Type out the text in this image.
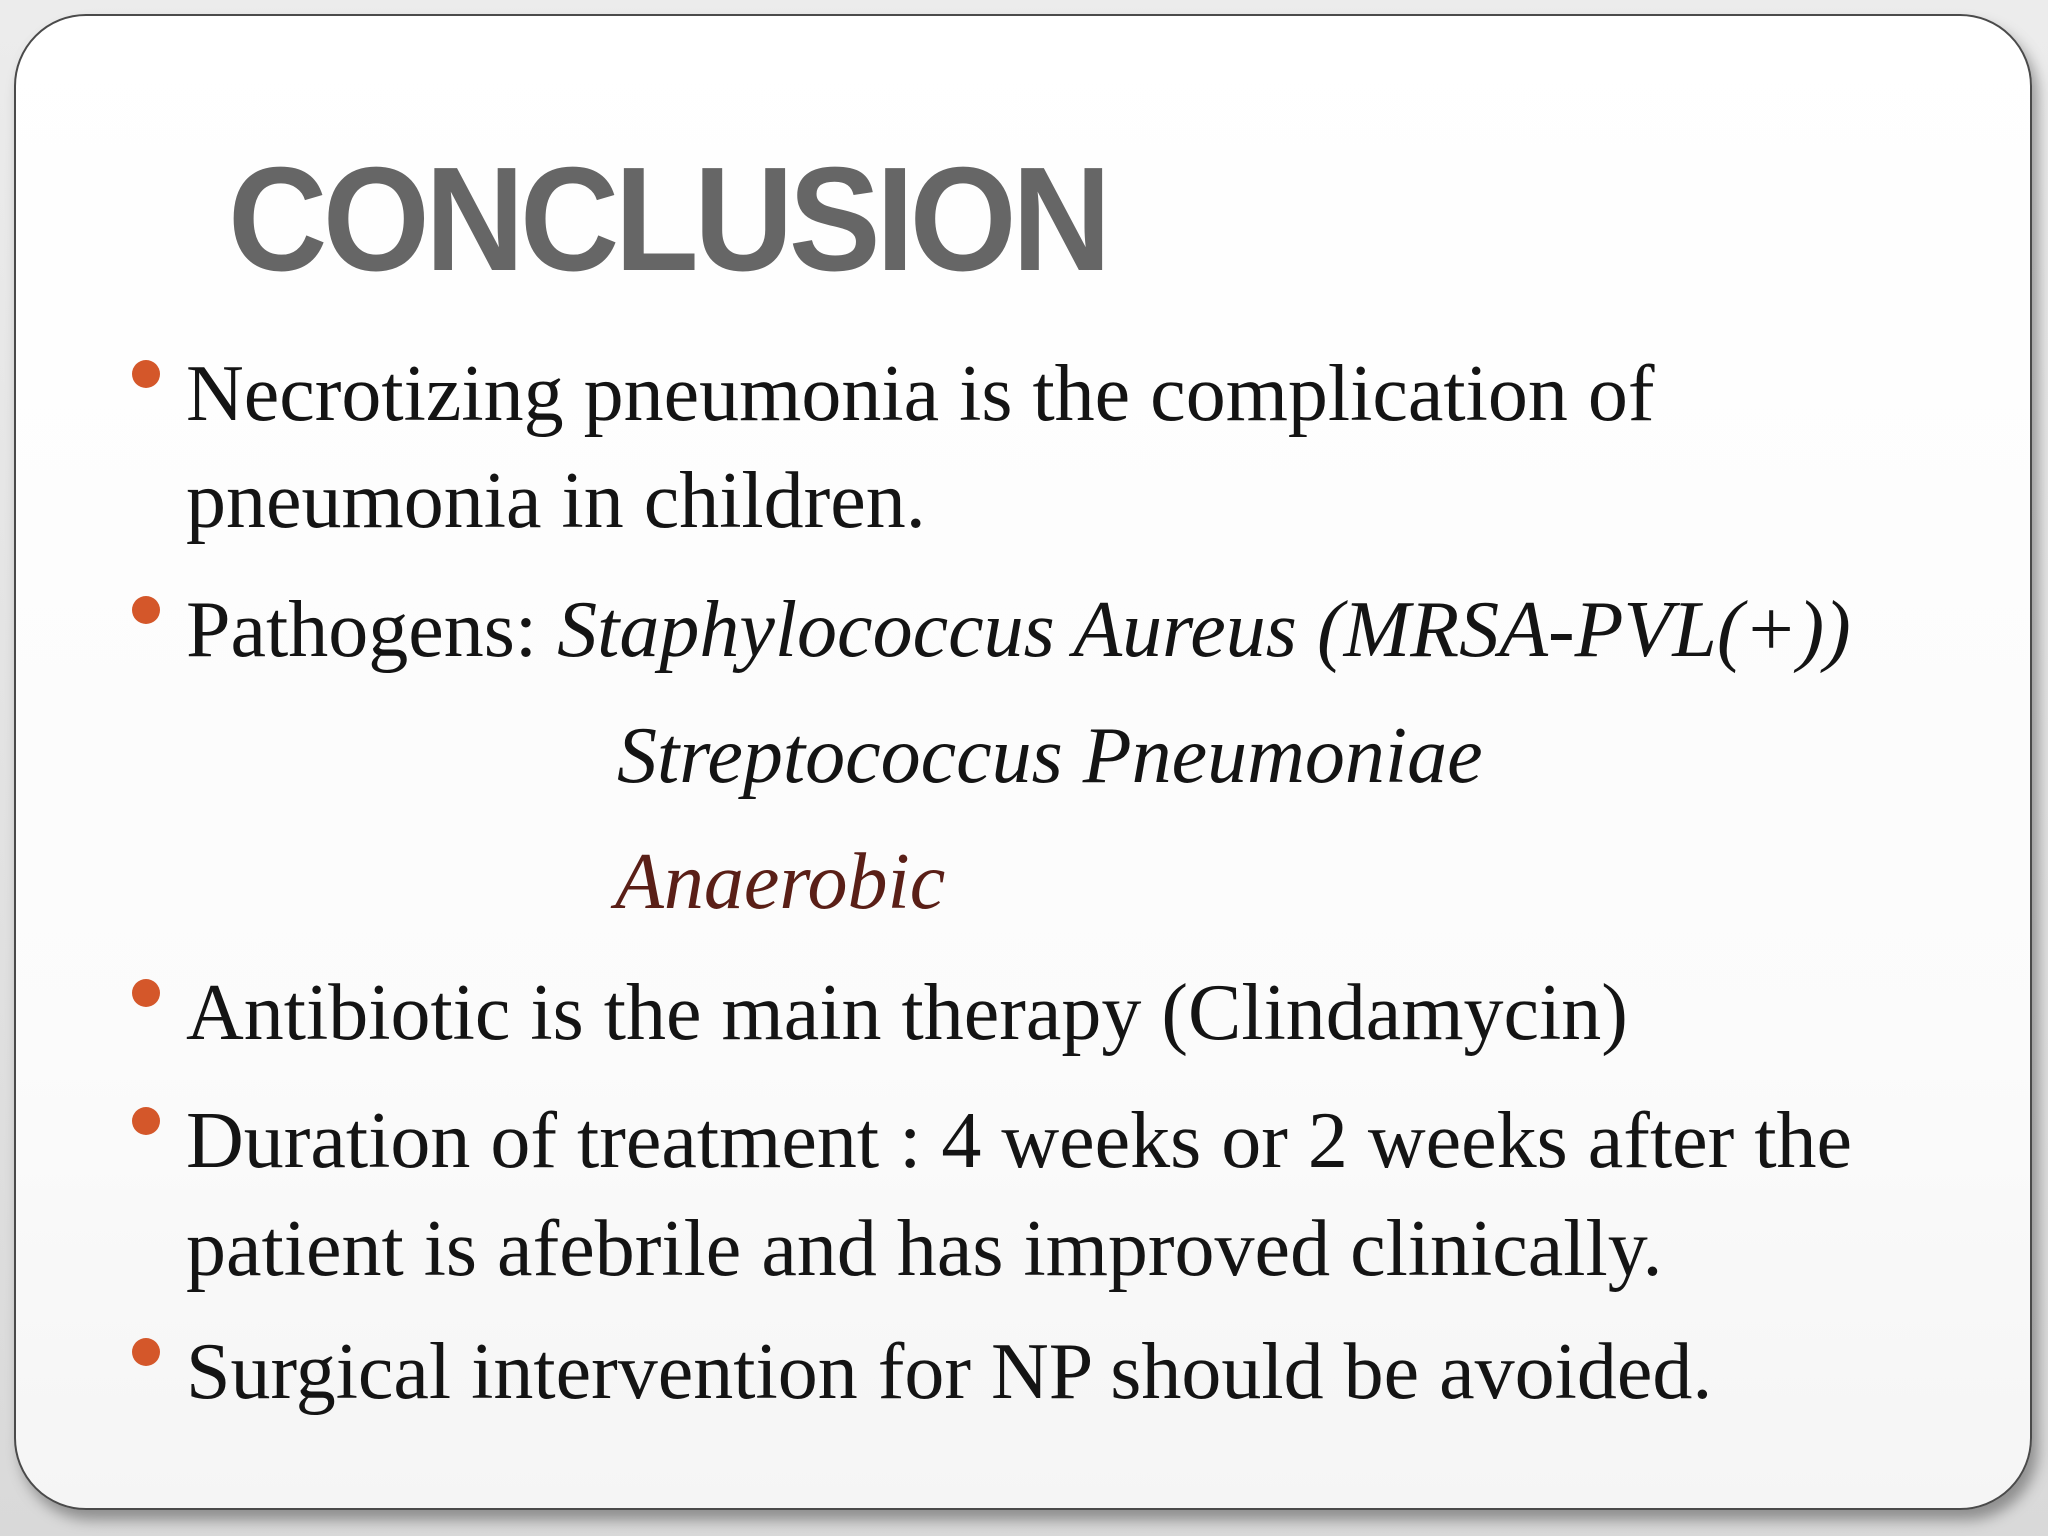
CONCLUSION
Necrotizing pneumonia is the complication of
pneumonia in children.
Pathogens: Staphylococcus Aureus (MRSA-PVL(+))
Streptococcus Pneumoniae
Anaerobic
Antibiotic is the main therapy (Clindamycin)
Duration of treatment : 4 weeks or 2 weeks after the
patient is afebrile and has improved clinically.
Surgical intervention for NP should be avoided.
